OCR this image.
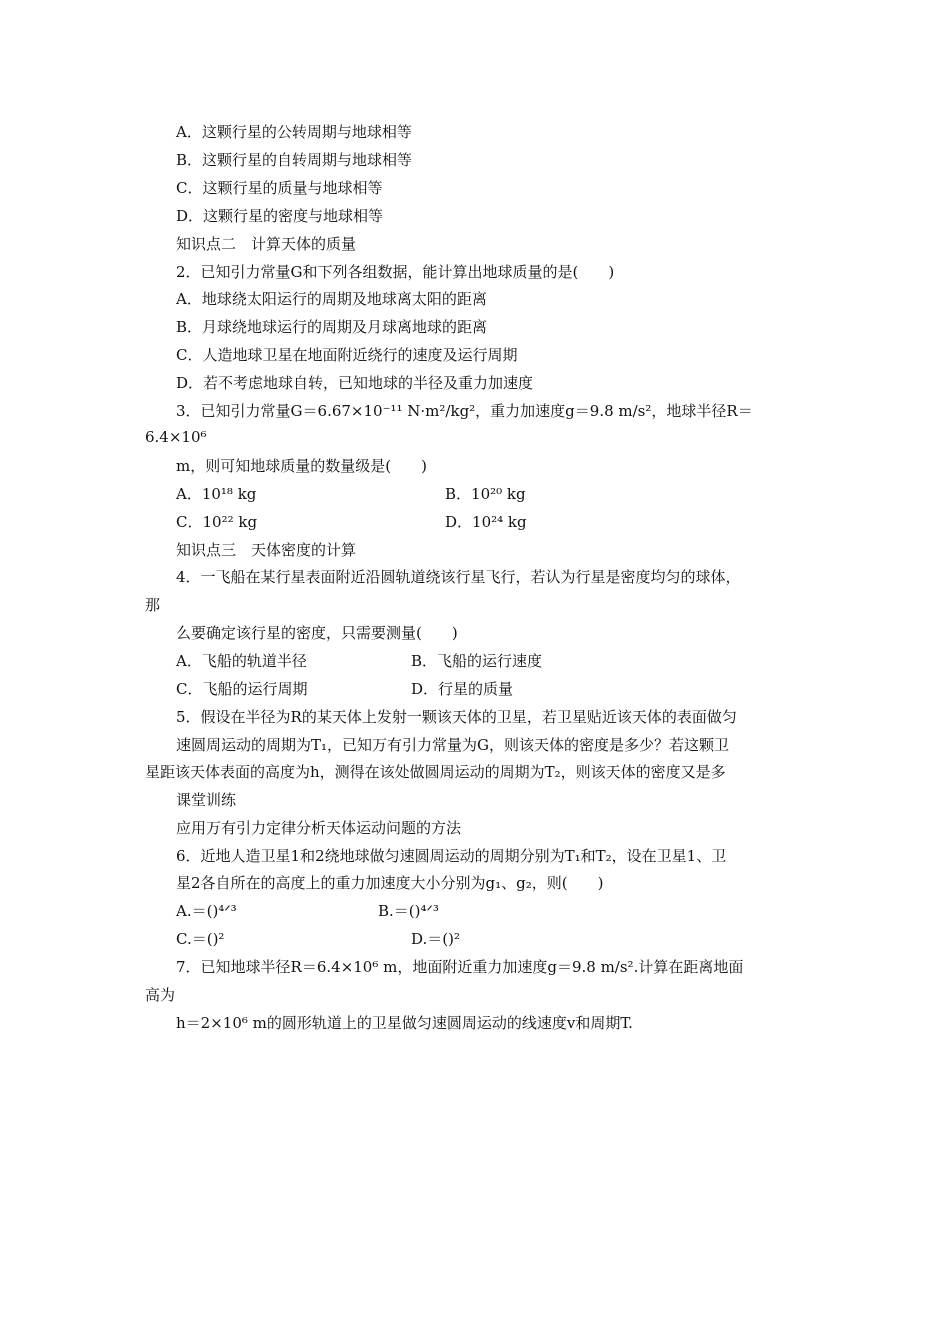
A．这颗行星的公转周期与地球相等
B．这颗行星的自转周期与地球相等
C．这颗行星的质量与地球相等
D．这颗行星的密度与地球相等
知识点二　计算天体的质量
2．已知引力常量G和下列各组数据，能计算出地球质量的是(　　)
A．地球绕太阳运行的周期及地球离太阳的距离
B．月球绕地球运行的周期及月球离地球的距离
C．人造地球卫星在地面附近绕行的速度及运行周期
D．若不考虑地球自转，已知地球的半径及重力加速度
3．已知引力常量G＝6.67×10⁻¹¹ N·m²/kg²，重力加速度g＝9.8 m/s²，地球半径R＝
6.4×10⁶
m，则可知地球质量的数量级是(　　)
A．10¹⁸ kg	B．10²⁰ kg
C．10²² kg	D．10²⁴ kg
知识点三　天体密度的计算
4．一飞船在某行星表面附近沿圆轨道绕该行星飞行，若认为行星是密度均匀的球体，
那
么要确定该行星的密度，只需要测量(　　)
A．飞船的轨道半径	B．飞船的运行速度
C．飞船的运行周期	D．行星的质量
5．假设在半径为R的某天体上发射一颗该天体的卫星，若卫星贴近该天体的表面做匀
速圆周运动的周期为T₁，已知万有引力常量为G，则该天体的密度是多少？若这颗卫
星距该天体表面的高度为h，测得在该处做圆周运动的周期为T₂，则该天体的密度又是多
课堂训练
应用万有引力定律分析天体运动问题的方法
6．近地人造卫星1和2绕地球做匀速圆周运动的周期分别为T₁和T₂，设在卫星1、卫
星2各自所在的高度上的重力加速度大小分别为g₁、g₂，则(　　)
A.＝()⁴ᐟ³	B.＝()⁴ᐟ³
C.＝()²	D.＝()²
7．已知地球半径R＝6.4×10⁶ m，地面附近重力加速度g＝9.8 m/s².计算在距离地面
高为
h＝2×10⁶ m的圆形轨道上的卫星做匀速圆周运动的线速度v和周期T.
